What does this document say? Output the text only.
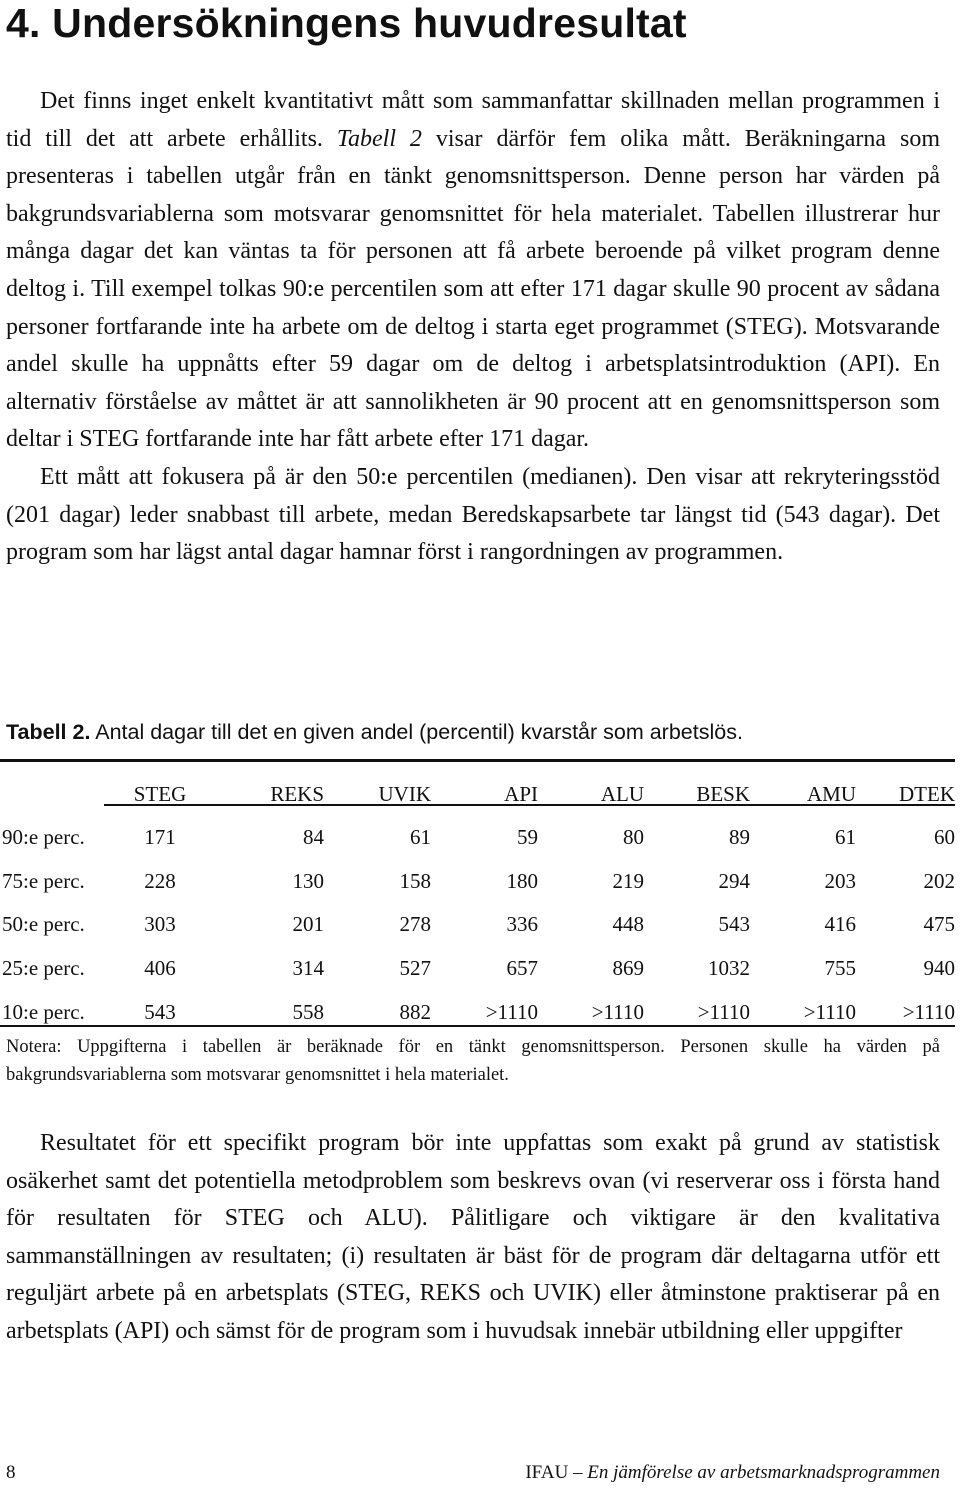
4. Undersökningens huvudresultat

Det finns inget enkelt kvantitativt mått som sammanfattar skillnaden mellan programmen i tid till det att arbete erhållits. Tabell 2 visar därför fem olika mått. Beräkningarna som presenteras i tabellen utgår från en tänkt genomsnittsperson. Denne person har värden på bakgrundsvariablerna som motsvarar genomsnittet för hela materialet. Tabellen illustrerar hur många dagar det kan väntas ta för personen att få arbete beroende på vilket program denne deltog i. Till exempel tolkas 90:e percentilen som att efter 171 dagar skulle 90 procent av sådana personer fortfarande inte ha arbete om de deltog i starta eget programmet (STEG). Motsvarande andel skulle ha uppnåtts efter 59 dagar om de deltog i arbetsplatsintroduktion (API). En alternativ förståelse av måttet är att sannolikheten är 90 procent att en genomsnittsperson som deltar i STEG fortfarande inte har fått arbete efter 171 dagar.

Ett mått att fokusera på är den 50:e percentilen (medianen). Den visar att rekryteringsstöd (201 dagar) leder snabbast till arbete, medan Beredskapsarbete tar längst tid (543 dagar). Det program som har lägst antal dagar hamnar först i rangordningen av programmen.

Tabell 2. Antal dagar till det en given andel (percentil) kvarstår som arbetslös.
	STEG	REKS	UVIK	API	ALU	BESK	AMU	DTEK
90:e perc.	171	84	61	59	80	89	61	60
75:e perc.	228	130	158	180	219	294	203	202
50:e perc.	303	201	278	336	448	543	416	475
25:e perc.	406	314	527	657	869	1032	755	940
10:e perc.	543	558	882	>1110	>1110	>1110	>1110	>1110
Notera: Uppgifterna i tabellen är beräknade för en tänkt genomsnittsperson. Personen skulle ha värden på bakgrundsvariablerna som motsvarar genomsnittet i hela materialet.

Resultatet för ett specifikt program bör inte uppfattas som exakt på grund av statistisk osäkerhet samt det potentiella metodproblem som beskrevs ovan (vi reserverar oss i första hand för resultaten för STEG och ALU). Pålitligare och viktigare är den kvalitativa sammanställningen av resultaten; (i) resultaten är bäst för de program där deltagarna utför ett reguljärt arbete på en arbetsplats (STEG, REKS och UVIK) eller åtminstone praktiserar på en arbetsplats (API) och sämst för de program som i huvudsak innebär utbildning eller uppgifter

8	IFAU – En jämförelse av arbetsmarknadsprogrammen
